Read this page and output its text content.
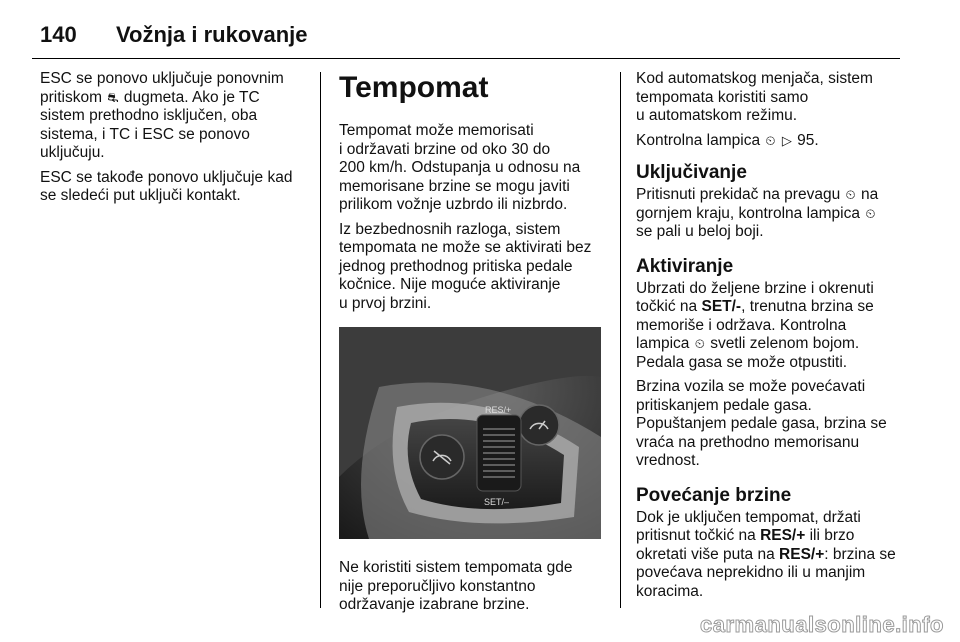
140	Vožnja i rukovanje

ESC se ponovo uključuje ponovnim
pritiskom ⛐ dugmeta. Ako je TC
sistem prethodno isključen, oba
sistema, i TC i ESC se ponovo
uključuju.

ESC se takođe ponovo uključuje kad
se sledeći put uključi kontakt.

Tempomat

Tempomat može memorisati
i održavati brzine od oko 30 do
200 km/h. Odstupanja u odnosu na
memorisane brzine se mogu javiti
prilikom vožnje uzbrdo ili nizbrdo.

Iz bezbednosnih razloga, sistem
tempomata ne može se aktivirati bez
jednog prethodnog pritiska pedale
kočnice. Nije moguće aktiviranje
u prvoj brzini.

RES/+
SET/–

Ne koristiti sistem tempomata gde
nije preporučljivo konstantno
održavanje izabrane brzine.

Kod automatskog menjača, sistem
tempomata koristiti samo
u automatskom režimu.

Kontrolna lampica ⏲ ▷ 95.

Uključivanje

Pritisnuti prekidač na prevagu ⏲ na
gornjem kraju, kontrolna lampica ⏲
se pali u beloj boji.

Aktiviranje

Ubrzati do željene brzine i okrenuti
točkić na SET/-, trenutna brzina se
memoriše i održava. Kontrolna
lampica ⏲ svetli zelenom bojom.
Pedala gasa se može otpustiti.

Brzina vozila se može povećavati
pritiskanjem pedale gasa.
Popuštanjem pedale gasa, brzina se
vraća na prethodno memorisanu
vrednost.

Povećanje brzine

Dok je uključen tempomat, držati
pritisnut točkić na RES/+ ili brzo
okretati više puta na RES/+: brzina se
povećava neprekidno ili u manjim
koracima.

carmanualsonline.info
